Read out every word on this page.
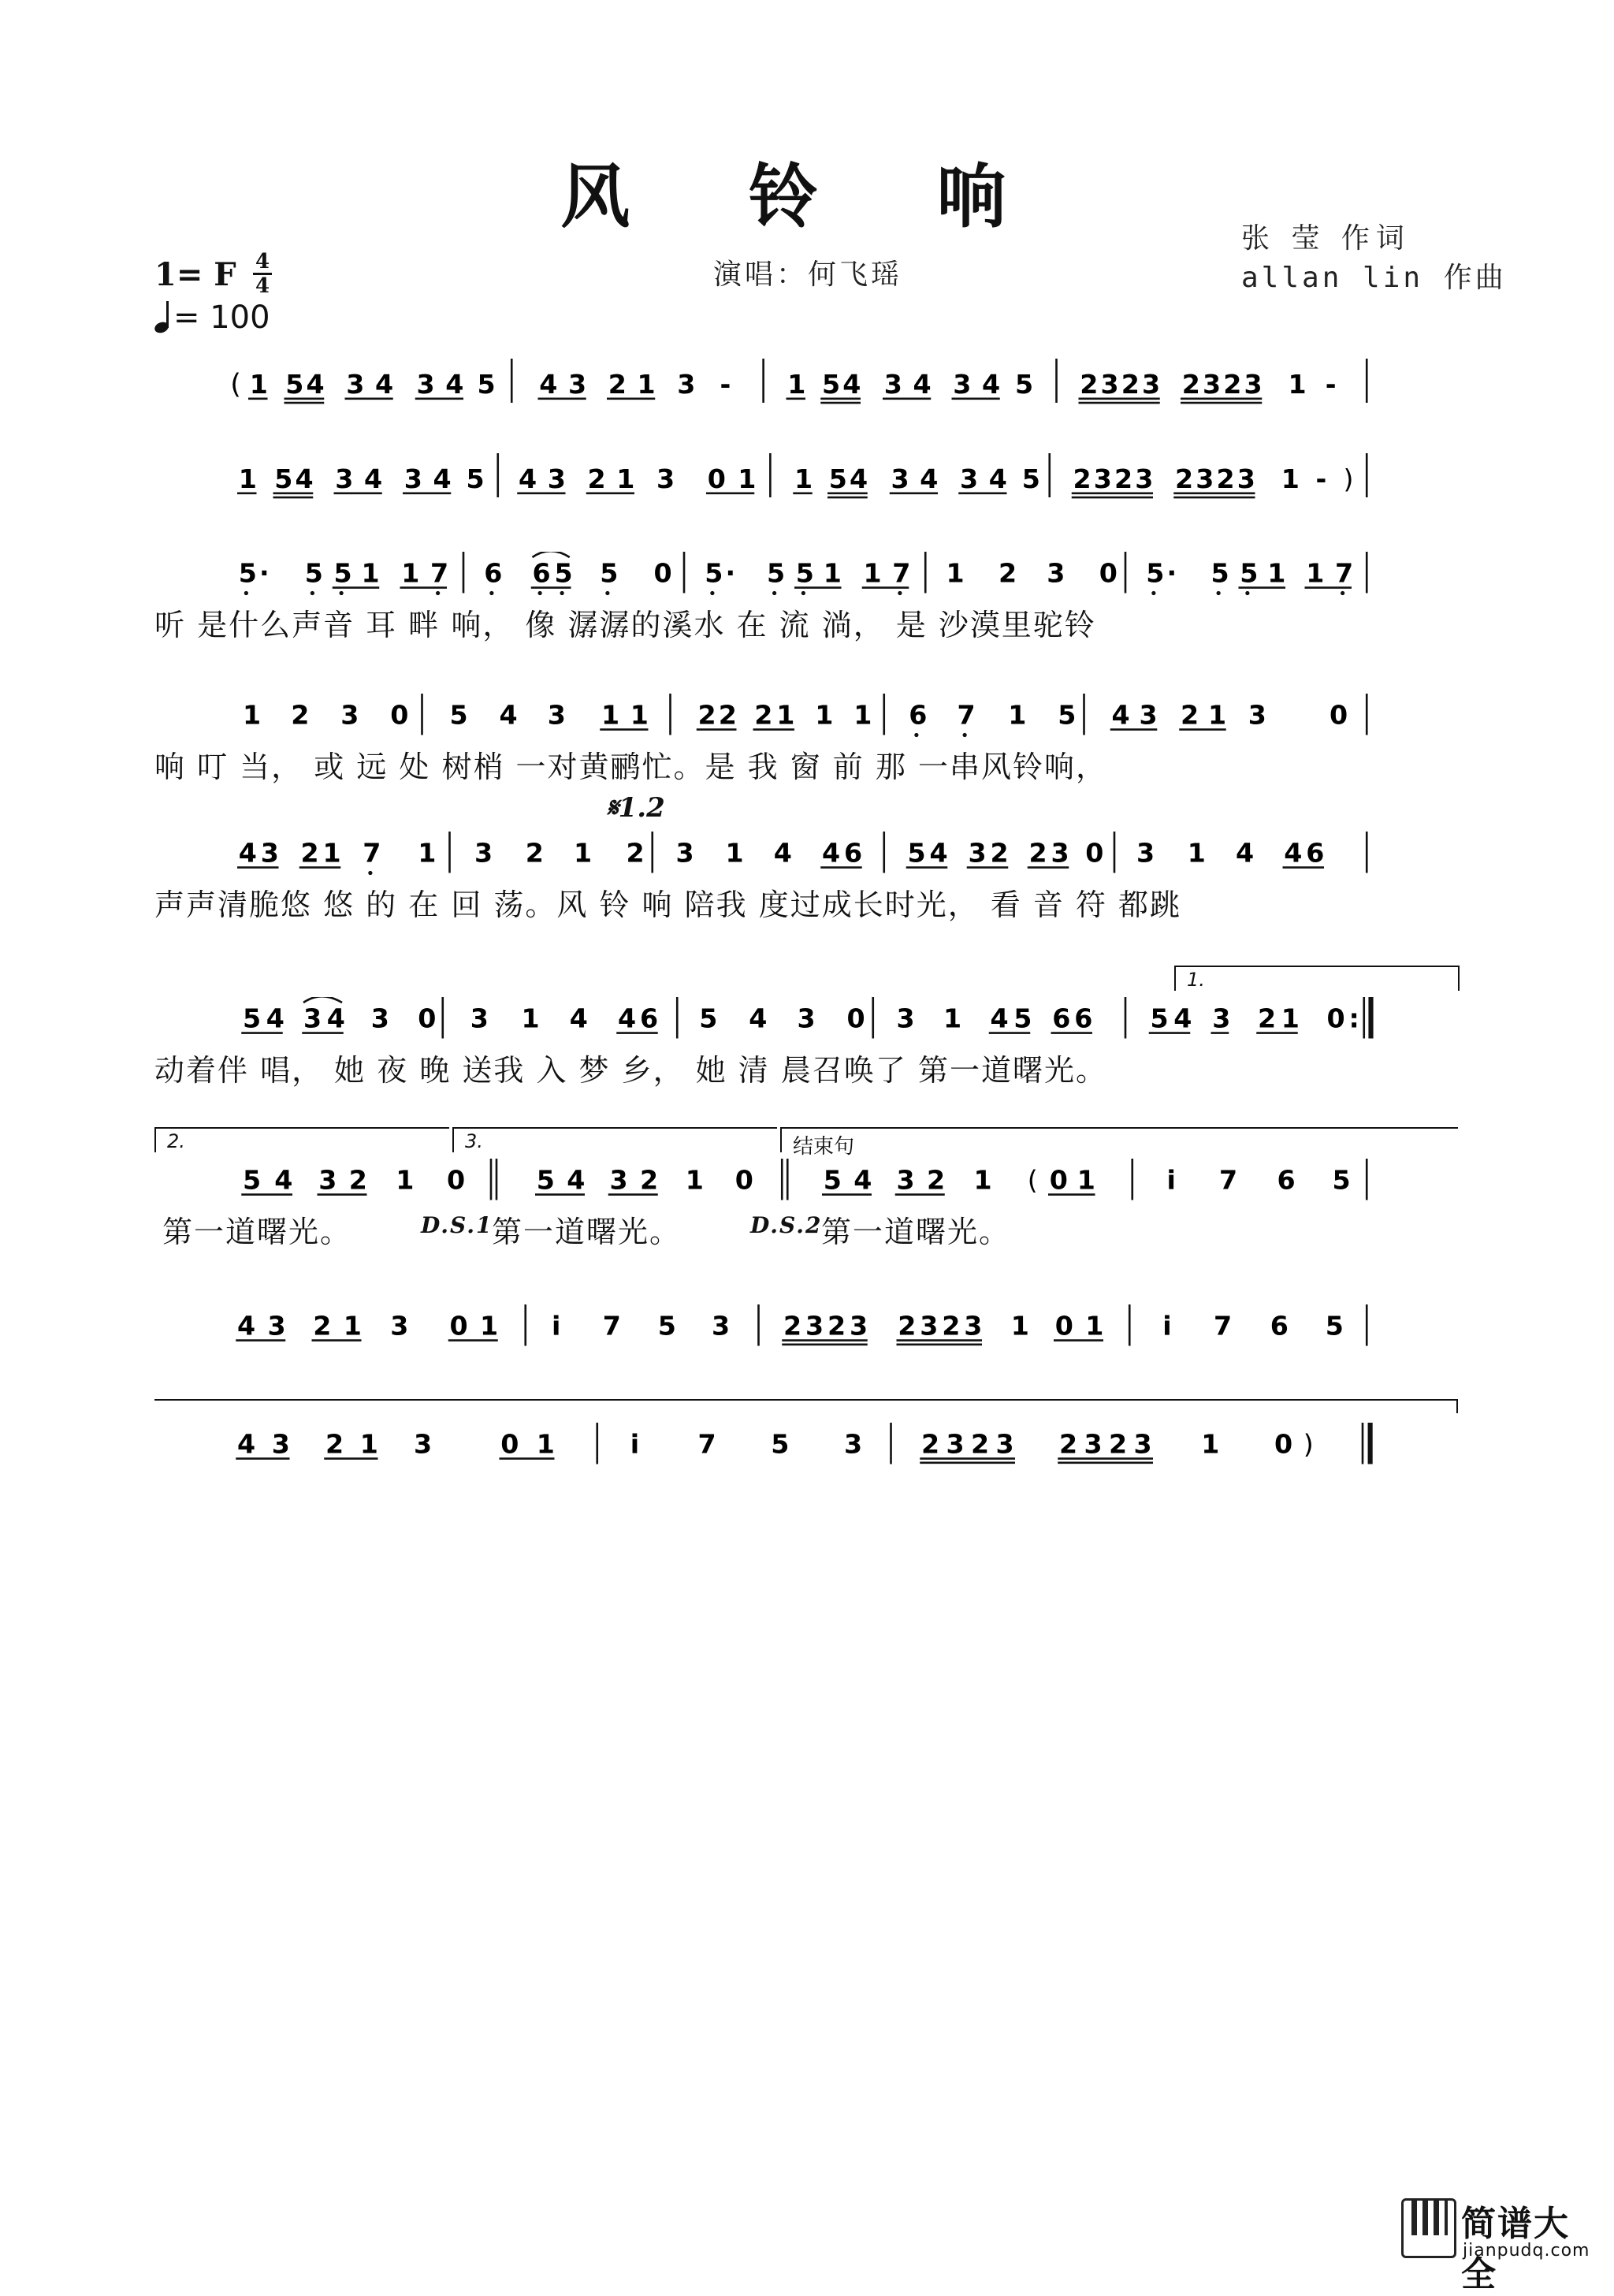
风 铃 响
张 莹 作词
allan lin 作曲
演唱：何飞瑶
1= F 4
4
= 100
( 1 5 4 3 4 3 4 5 4 3 2 1 3 - 1 5 4 3 4 3 4 5 2 3 2 3 2 3 2 3 1 -
1 5 4 3 4 3 4 5 4 3 2 1 3 0 1 1 5 4 3 4 3 4 5 2 3 2 3 2 3 2 3 1 - )
5 · 5 5 1 1 7 6 6 5 5 0 5 · 5 5 1 1 7 1 2 3 0 5 · 5 5 1 1 7
听 是什么声音 耳 畔 响， 像 潺潺的溪水 在 流 淌， 是 沙漠里驼铃
1 2 3 0 5 4 3 1 1 2 2 2 1 1 1 6 7 1 5 4 3 2 1 3 0
响 叮 当， 或 远 处 树梢 一对黄鹂忙。是 我 窗 前 那 一串风铃响，
𝄋1.2
4 3 2 1 7 1 3 2 1 2 3 1 4 4 6 5 4 3 2 2 3 0 3 1 4 4 6
声声清脆悠 悠 的 在 回 荡。风 铃 响 陪我 度过成长时光， 看 音 符 都跳
1.
5 4 3 4 3 0 3 1 4 4 6 5 4 3 0 3 1 4 5 6 6 5 4 3 2 1 0 :
动着伴 唱， 她 夜 晚 送我 入 梦 乡， 她 清 晨召唤了 第一道曙光。
2.	3.	结束句
5 4 3 2 1 0 5 4 3 2 1 0 5 4 3 2 1 ( 0 1 i 7 6 5
第一道曙光。	D.S.1
第一道曙光。	D.S.2
第一道曙光。
4 3 2 1 3 0 1 i 7 5 3 2 3 2 3 2 3 2 3 1 0 1 i 7 6 5
4 3 2 1 3 0 1	i 7 5 3 2 3 2 3 2 3 2 3 1 0 )
简谱大全
jianpudq.com
